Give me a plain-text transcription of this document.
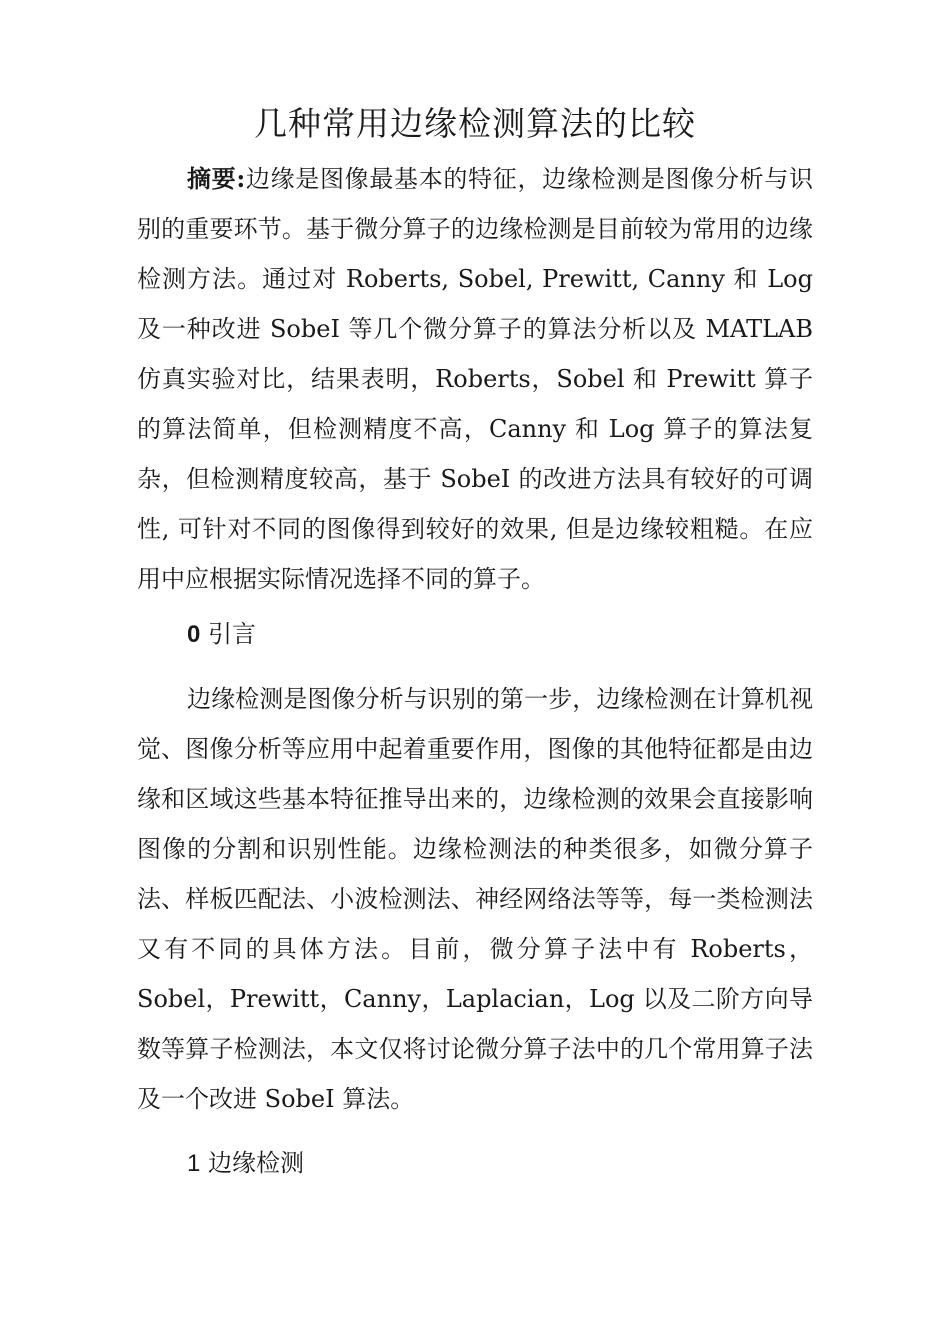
几种常用边缘检测算法的比较

摘要:边缘是图像最基本的特征，边缘检测是图像分析与识别的重要环节。基于微分算子的边缘检测是目前较为常用的边缘检测方法。通过对 Roberts, Sobel, Prewitt, Canny 和 Log 及一种改进 SobeI 等几个微分算子的算法分析以及 MATLAB 仿真实验对比，结果表明，Roberts，Sobel 和 Prewitt 算子的算法简单，但检测精度不高，Canny 和 Log 算子的算法复杂，但检测精度较高，基于 SobeI 的改进方法具有较好的可调性, 可针对不同的图像得到较好的效果, 但是边缘较粗糙。在应用中应根据实际情况选择不同的算子。

0 引言

边缘检测是图像分析与识别的第一步，边缘检测在计算机视觉、图像分析等应用中起着重要作用，图像的其他特征都是由边缘和区域这些基本特征推导出来的，边缘检测的效果会直接影响图像的分割和识别性能。边缘检测法的种类很多，如微分算子法、样板匹配法、小波检测法、神经网络法等等，每一类检测法又有不同的具体方法。目前，微分算子法中有 Roberts，Sobel，Prewitt，Canny，Laplacian，Log 以及二阶方向导数等算子检测法，本文仅将讨论微分算子法中的几个常用算子法及一个改进 SobeI 算法。

1 边缘检测
